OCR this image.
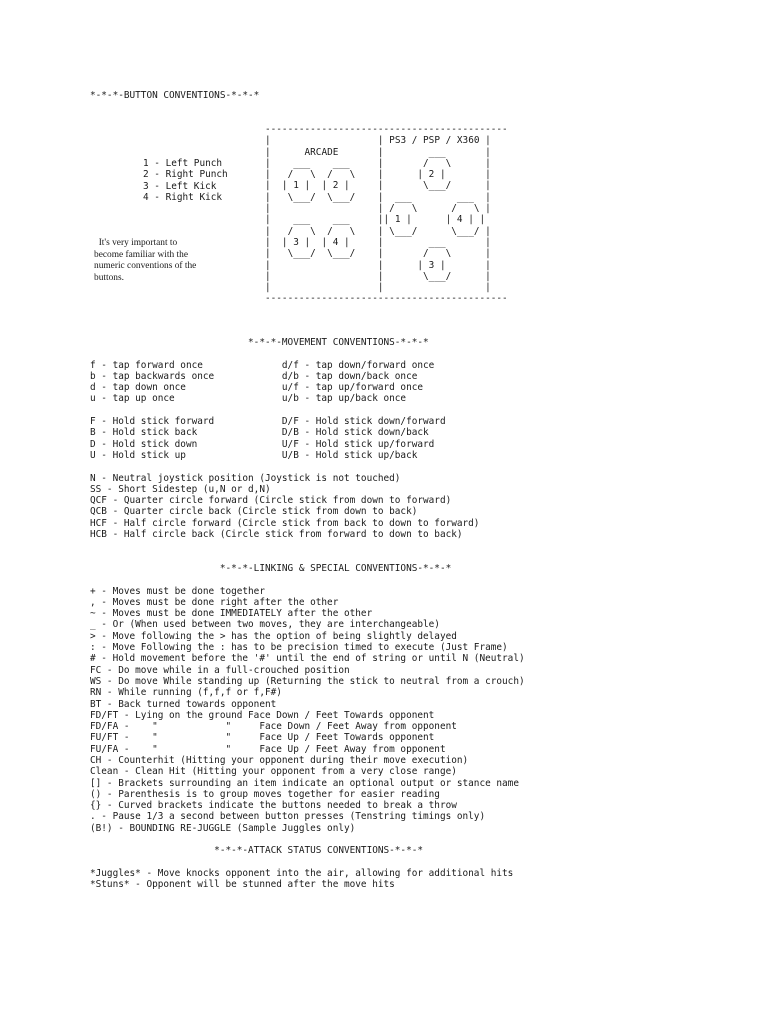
*-*-*-BUTTON CONVENTIONS-*-*-*
-------------------------------------------
|                   | PS3 / PSP / X360 |
|      ARCADE       |        ___       |
|    ___    ___     |       /   \      |
|   /   \  /   \    |      | 2 |       |
|  | 1 |  | 2 |     |       \___/      |
|   \___/  \___/    |  ___        ___  |
|                   | /   \      /   \ |
|    ___    ___     || 1 |      | 4 | |
|   /   \  /   \    | \___/      \___/ |
|  | 3 |  | 4 |     |        ___       |
|   \___/  \___/    |       /   \      |
|                   |      | 3 |       |
|                   |       \___/      |
|                   |                  |
-------------------------------------------
1 - Left Punch
2 - Right Punch
3 - Left Kick
4 - Right Kick
It's very important to
become familiar with the
numeric conventions of the
buttons.
*-*-*-MOVEMENT CONVENTIONS-*-*-*

f - tap forward once              d/f - tap down/forward once
b - tap backwards once            d/b - tap down/back once
d - tap down once                 u/f - tap up/forward once
u - tap up once                   u/b - tap up/back once

F - Hold stick forward            D/F - Hold stick down/forward
B - Hold stick back               D/B - Hold stick down/back
D - Hold stick down               U/F - Hold stick up/forward
U - Hold stick up                 U/B - Hold stick up/back

N - Neutral joystick position (Joystick is not touched)
SS - Short Sidestep (u,N or d,N)
QCF - Quarter circle forward (Circle stick from down to forward)
QCB - Quarter circle back (Circle stick from down to back)
HCF - Half circle forward (Circle stick from back to down to forward)
HCB - Half circle back (Circle stick from forward to down to back)

*-*-*-LINKING & SPECIAL CONVENTIONS-*-*-*

+ - Moves must be done together
, - Moves must be done right after the other
~ - Moves must be done IMMEDIATELY after the other
_ - Or (When used between two moves, they are interchangeable)
> - Move following the > has the option of being slightly delayed
: - Move Following the : has to be precision timed to execute (Just Frame)
# - Hold movement before the '#' until the end of string or until N (Neutral)
FC - Do move while in a full-crouched position
WS - Do move While standing up (Returning the stick to neutral from a crouch)
RN - While running (f,f,f or f,F#)
BT - Back turned towards opponent
FD/FT - Lying on the ground Face Down / Feet Towards opponent
FD/FA -    "            "     Face Down / Feet Away from opponent
FU/FT -    "            "     Face Up / Feet Towards opponent
FU/FA -    "            "     Face Up / Feet Away from opponent
CH - Counterhit (Hitting your opponent during their move execution)
Clean - Clean Hit (Hitting your opponent from a very close range)
[] - Brackets surrounding an item indicate an optional output or stance name
() - Parenthesis is to group moves together for easier reading
{} - Curved brackets indicate the buttons needed to break a throw
. - Pause 1/3 a second between button presses (Tenstring timings only)
(B!) - BOUNDING RE-JUGGLE (Sample Juggles only)

*-*-*-ATTACK STATUS CONVENTIONS-*-*-*

*Juggles* - Move knocks opponent into the air, allowing for additional hits
*Stuns* - Opponent will be stunned after the move hits
